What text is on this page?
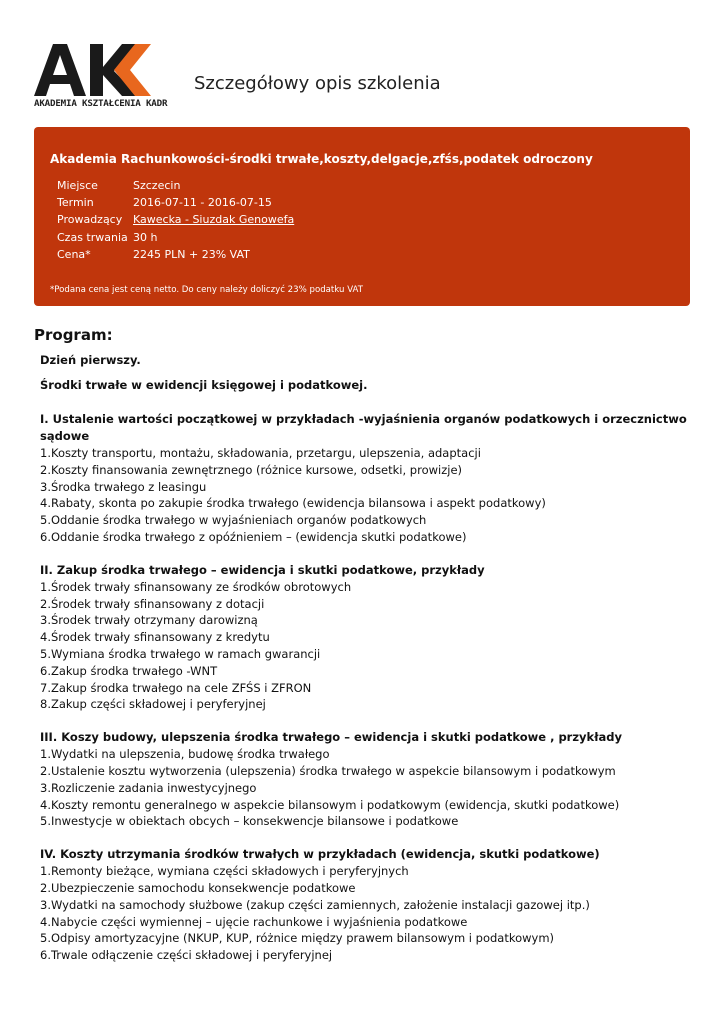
AKADEMIA KSZTAŁCENIA KADR
Szczegółowy opis szkolenia
Akademia Rachunkowości-środki trwałe,koszty,delgacje,zfśs,podatek odroczony
Miejsce	Szczecin
Termin	2016-07-11 - 2016-07-15
Prowadzący Kawecka - Siuzdak Genowefa
Czas trwania 30 h
Cena*	2245 PLN + 23% VAT
*Podana cena jest ceną netto. Do ceny należy doliczyć 23% podatku VAT
Program:
Dzień pierwszy.
Środki trwałe w ewidencji księgowej i podatkowej.
I. Ustalenie wartości początkowej w przykładach -wyjaśnienia organów podatkowych i orzecznictwo sądowe
1.Koszty transportu, montażu, składowania, przetargu, ulepszenia, adaptacji
2.Koszty finansowania zewnętrznego (różnice kursowe, odsetki, prowizje)
3.Środka trwałego z leasingu
4.Rabaty, skonta po zakupie środka trwałego (ewidencja bilansowa i aspekt podatkowy)
5.Oddanie środka trwałego w wyjaśnieniach organów podatkowych
6.Oddanie środka trwałego z opóźnieniem – (ewidencja skutki podatkowe)
II. Zakup środka trwałego – ewidencja i skutki podatkowe, przykłady
1.Środek trwały sfinansowany ze środków obrotowych
2.Środek trwały sfinansowany z dotacji
3.Środek trwały otrzymany darowizną
4.Środek trwały sfinansowany z kredytu
5.Wymiana środka trwałego w ramach gwarancji
6.Zakup środka trwałego -WNT
7.Zakup środka trwałego na cele ZFŚS i ZFRON
8.Zakup części składowej i peryferyjnej
III. Koszy budowy, ulepszenia środka trwałego – ewidencja i skutki podatkowe , przykłady
1.Wydatki na ulepszenia, budowę środka trwałego
2.Ustalenie kosztu wytworzenia (ulepszenia) środka trwałego w aspekcie bilansowym i podatkowym
3.Rozliczenie zadania inwestycyjnego
4.Koszty remontu generalnego w aspekcie bilansowym i podatkowym (ewidencja, skutki podatkowe)
5.Inwestycje w obiektach obcych – konsekwencje bilansowe i podatkowe
IV. Koszty utrzymania środków trwałych w przykładach (ewidencja, skutki podatkowe)
1.Remonty bieżące, wymiana części składowych i peryferyjnych
2.Ubezpieczenie samochodu konsekwencje podatkowe
3.Wydatki na samochody służbowe (zakup części zamiennych, założenie instalacji gazowej itp.)
4.Nabycie części wymiennej – ujęcie rachunkowe i wyjaśnienia podatkowe
5.Odpisy amortyzacyjne (NKUP, KUP, różnice między prawem bilansowym i podatkowym)
6.Trwale odłączenie części składowej i peryferyjnej
